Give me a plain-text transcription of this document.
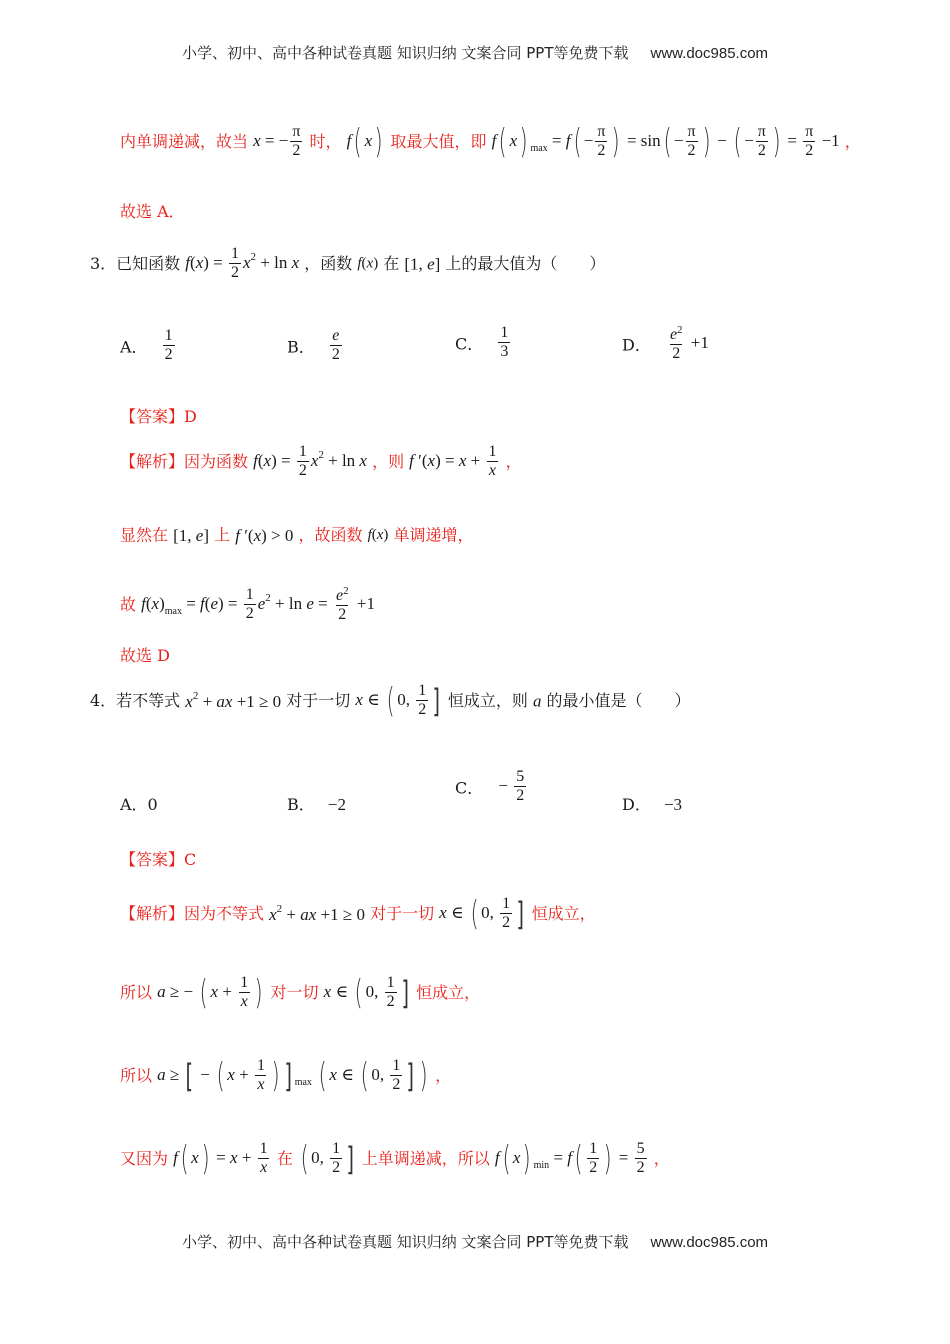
小学、初中、高中各种试卷真题 知识归纳 文案合同 PPT等免费下载 www.doc985.com
内单调递减，故当 x = − $\frac{\pi}{2}$ 时， f( x) 取最大值，即 f( x) $_{max} = f( - \frac{\pi}{2}$ ) = $\sin( - \frac{\pi}{2}$ ) − ( − $\frac{\pi}{2}$ ) = $\frac{\pi}{2} -1$ ，
故选 A．
3．已知函数 $f(x) = \frac{1}{2} x^2 + \ln x$ ，函数 f(x) 在 [1, e] 上的最大值为（　　）
A． $\frac{1}{2}$	B． $\frac{e}{2}$	C． $\frac{1}{3}$	D． $\frac{e^2}{2} +1$
【答案】D
【解析】因为函数 $f(x) = \frac{1}{2} x^2 + \ln x$ ，则 f $'(x) = x + \frac{1}{x}$ ，
显然在 [1, e] 上 f ′(x) > 0 ，故函数 f(x) 单调递增，
故 $f(x)_{max} = f(e) = \frac{1}{2} e^2 + \ln e = \frac{e^2}{2} +1$
故选 D
4．若不等式 $x^2$ + ax +1 ≥ 0 对于一切 x ∈ ( 0, $\frac{1}{2}$ ] 恒成立，则 a 的最小值是（　　）
A．0	B． −2
C． − $\frac{5}{2}$	D． −3
【答案】C
【解析】因为不等式 $x^2$ + ax +1 ≥ 0 对于一切 x ∈ ( 0, $\frac{1}{2}$ ] 恒成立，
所以 a ≥ − ( $x + \frac{1}{x}$ ) 对一切 x ∈ ( 0, $\frac{1}{2}$ ] 恒成立，
所以 a ≥ [ − ( $x + \frac{1}{x}$ ) ] $_{max}$ ( x ∈ ( 0, $\frac{1}{2}$ ] ) ，
又因为 f( $x) = x + \frac{1}{x}$ 在 ( 0, $\frac{1}{2}$ ] 上单调递减，所以 f( x) $_{min} = f( \frac{1}{2}$ ) = $\frac{5}{2}$ ，
小学、初中、高中各种试卷真题 知识归纳 文案合同 PPT等免费下载 www.doc985.com
